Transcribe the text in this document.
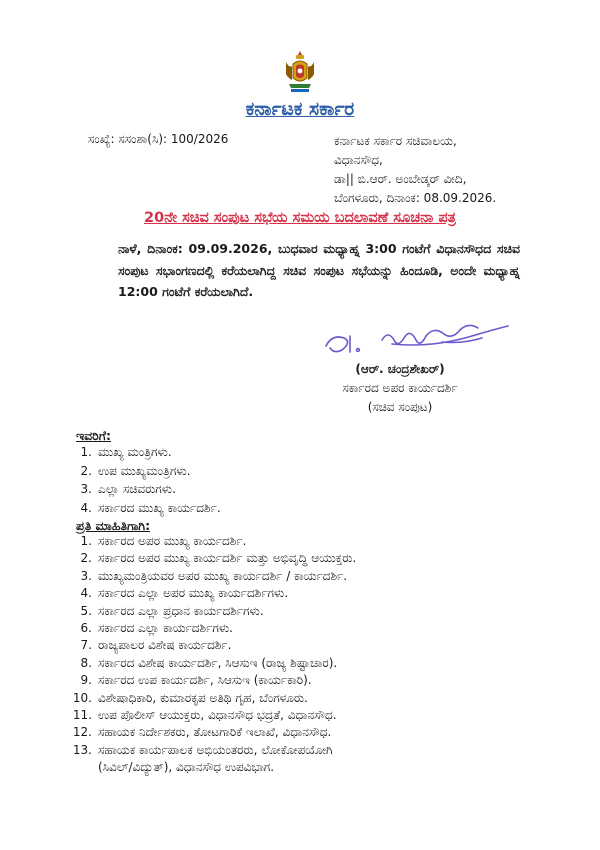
ಕರ್ನಾಟಕ ಸರ್ಕಾರ
ಸಂಖ್ಯೆ: ಸಸಂಶಾ(ಸಿ): 100/2026	ಕರ್ನಾಟಕ ಸರ್ಕಾರ ಸಚಿವಾಲಯ,
ವಿಧಾನಸೌಧ,
ಡಾ|| ಬಿ.ಆರ್. ಅಂಬೇಡ್ಕರ್ ವೀದಿ,
ಬೆಂಗಳೂರು, ದಿನಾಂಕ: 08.09.2026.
20ನೇ ಸಚಿವ ಸಂಪುಟ ಸಭೆಯ ಸಮಯ ಬದಲಾವಣೆ ಸೂಚನಾ ಪತ್ರ
ನಾಳೆ, ದಿನಾಂಕ: 09.09.2026, ಬುಧವಾರ ಮಧ್ಯಾಹ್ನ 3:00 ಗಂಟೆಗೆ ವಿಧಾನಸೌಧದ ಸಚಿವ ಸಂಪುಟ ಸಭಾಂಗಣದಲ್ಲಿ ಕರೆಯಲಾಗಿದ್ದ ಸಚಿವ ಸಂಪುಟ ಸಭೆಯನ್ನು ಹಿಂದೂಡಿ, ಅಂದೇ ಮಧ್ಯಾಹ್ನ 12:00 ಗಂಟೆಗೆ ಕರೆಯಲಾಗಿದೆ.
(ಆರ್. ಚಂದ್ರಶೇಖರ್)
ಸರ್ಕಾರದ ಅಪರ ಕಾರ್ಯದರ್ಶಿ
(ಸಚಿವ ಸಂಪುಟ)
ಇವರಿಗೆ:
1. ಮುಖ್ಯ ಮಂತ್ರಿಗಳು.
2. ಉಪ ಮುಖ್ಯಮಂತ್ರಿಗಳು.
3. ಎಲ್ಲಾ ಸಚಿವರುಗಳು.
4. ಸರ್ಕಾರದ ಮುಖ್ಯ ಕಾರ್ಯದರ್ಶಿ.
ಪ್ರತಿ ಮಾಹಿತಿಗಾಗಿ:
1. ಸರ್ಕಾರದ ಅಪರ ಮುಖ್ಯ ಕಾರ್ಯದರ್ಶಿ.
2. ಸರ್ಕಾರದ ಅಪರ ಮುಖ್ಯ ಕಾರ್ಯದರ್ಶಿ ಮತ್ತು ಅಭಿವೃದ್ಧಿ ಆಯುಕ್ತರು.
3. ಮುಖ್ಯಮಂತ್ರಿಯವರ ಅಪರ ಮುಖ್ಯ ಕಾರ್ಯದರ್ಶಿ / ಕಾರ್ಯದರ್ಶಿ.
4. ಸರ್ಕಾರದ ಎಲ್ಲಾ ಅಪರ ಮುಖ್ಯ ಕಾರ್ಯದರ್ಶಿಗಳು.
5. ಸರ್ಕಾರದ ಎಲ್ಲಾ ಪ್ರಧಾನ ಕಾರ್ಯದರ್ಶಿಗಳು.
6. ಸರ್ಕಾರದ ಎಲ್ಲಾ ಕಾರ್ಯದರ್ಶಿಗಳು.
7. ರಾಜ್ಯಪಾಲರ ವಿಶೇಷ ಕಾರ್ಯದರ್ಶಿ.
8. ಸರ್ಕಾರದ ವಿಶೇಷ ಕಾರ್ಯದರ್ಶಿ, ಸಿಆಸುಇ (ರಾಜ್ಯ ಶಿಷ್ಟಾಚಾರ).
9. ಸರ್ಕಾರದ ಉಪ ಕಾರ್ಯದರ್ಶಿ, ಸಿಆಸುಇ (ಕಾರ್ಯಕಾರಿ).
10. ವಿಶೇಷಾಧಿಕಾರಿ, ಕುಮಾರಕೃಪ ಅತಿಥಿ ಗೃಹ, ಬೆಂಗಳೂರು.
11. ಉಪ ಪೊಲೀಸ್ ಆಯುಕ್ತರು, ವಿಧಾನಸೌಧ ಭದ್ರತೆ, ವಿಧಾನಸೌಧ.
12. ಸಹಾಯಕ ನಿರ್ದೇಶಕರು, ತೋಟಗಾರಿಕೆ ಇಲಾಖೆ, ವಿಧಾನಸೌಧ.
13. ಸಹಾಯಕ ಕಾರ್ಯಪಾಲಕ ಅಭಿಯಂತರರು, ಲೋಕೋಪಯೋಗಿ
(ಸಿವಿಲ್/ವಿದ್ಯುತ್), ವಿಧಾನಸೌಧ ಉಪವಿಭಾಗ.
